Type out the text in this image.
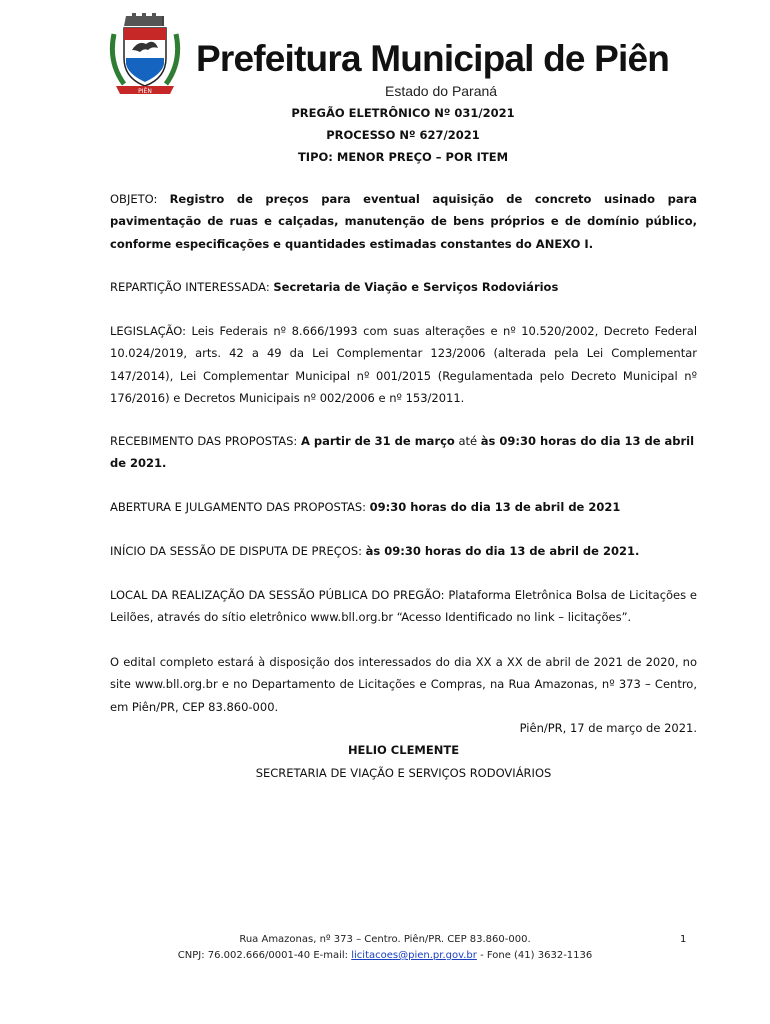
PIÊN
Prefeitura Municipal de Piên
Estado do Paraná
PREGÃO ELETRÔNICO Nº 031/2021
PROCESSO Nº 627/2021
TIPO: MENOR PREÇO – POR ITEM
OBJETO: Registro de preços para eventual aquisição de concreto usinado para pavimentação de ruas e calçadas, manutenção de bens próprios e de domínio público, conforme especificações e quantidades estimadas constantes do ANEXO I.
REPARTIÇÃO INTERESSADA: Secretaria de Viação e Serviços Rodoviários
LEGISLAÇÃO: Leis Federais nº 8.666/1993 com suas alterações e nº 10.520/2002, Decreto Federal 10.024/2019, arts. 42 a 49 da Lei Complementar 123/2006 (alterada pela Lei Complementar 147/2014), Lei Complementar Municipal nº 001/2015 (Regulamentada pelo Decreto Municipal nº 176/2016) e Decretos Municipais nº 002/2006 e nº 153/2011.
RECEBIMENTO DAS PROPOSTAS: A partir de 31 de março até às 09:30 horas do dia 13 de abril de 2021.
ABERTURA E JULGAMENTO DAS PROPOSTAS: 09:30 horas do dia 13 de abril de 2021
INÍCIO DA SESSÃO DE DISPUTA DE PREÇOS: às 09:30 horas do dia 13 de abril de 2021.
LOCAL DA REALIZAÇÃO DA SESSÃO PÚBLICA DO PREGÃO: Plataforma Eletrônica Bolsa de Licitações e Leilões, através do sítio eletrônico www.bll.org.br “Acesso Identificado no link – licitações”.
O edital completo estará à disposição dos interessados do dia XX a XX de abril de 2021 de 2020, no site www.bll.org.br e no Departamento de Licitações e Compras, na Rua Amazonas, nº 373 – Centro, em Piên/PR, CEP 83.860-000.
Piên/PR, 17 de março de 2021.
HELIO CLEMENTE
SECRETARIA DE VIAÇÃO E SERVIÇOS RODOVIÁRIOS
Rua Amazonas, nº 373 – Centro. Piên/PR. CEP 83.860-000.
CNPJ: 76.002.666/0001-40 E-mail: licitacoes@pien.pr.gov.br - Fone (41) 3632-1136
1
